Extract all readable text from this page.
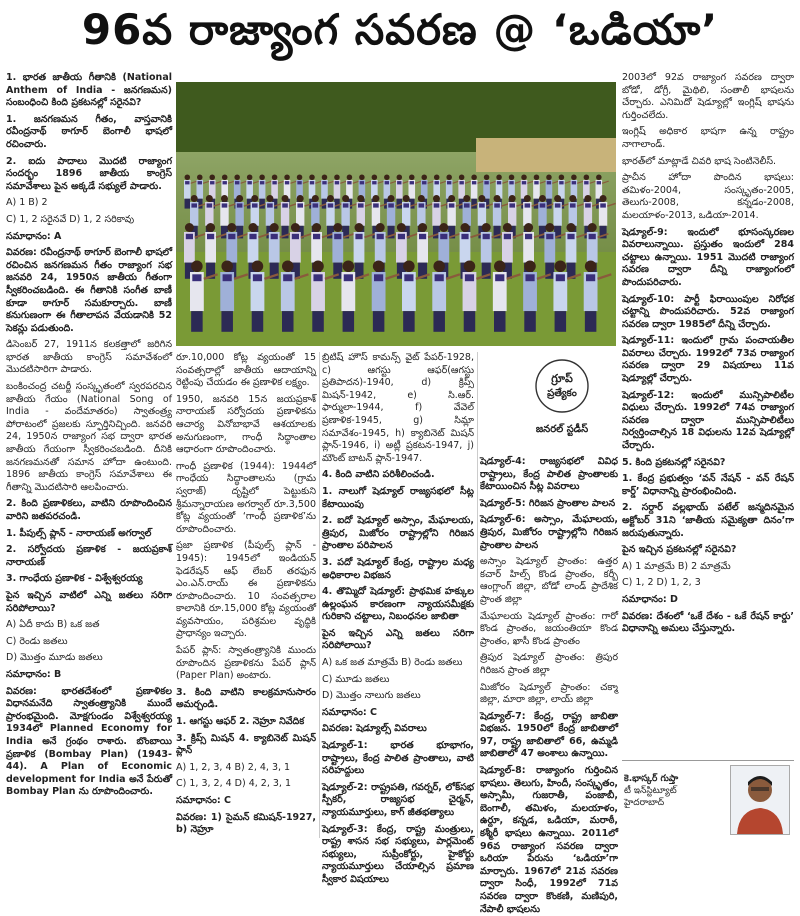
96వ రాజ్యాంగ సవరణ @ ‘ఒడియా’

1. భారత జాతీయ గీతానికి (National Anthem of India - జనగణమన) సంబంధించి కింది ప్రకటనల్లో సరైనవి?

1. జనగణమన గీతం, వాస్తవానికి రవీంద్రనాథ్ ఠాగూర్ బెంగాలీ భాషలో రచించారు.

2. ఐదు పాదాలు మొదటి రాజ్యాంగ సందర్భం 1896 జాతీయ కాంగ్రెస్ సమావేశాలు పైన అక్కడే సభ్యులే పాడారు.

A) 1 B) 2

C) 1, 2 సరైనవే D) 1, 2 సరికావు

సమాధానం: A

వివరణ: రవీంద్రనాథ్ ఠాగూర్ బెంగాలీ భాషలో రచించిన జనగణమన గీతం రాజ్యాంగ సభ జనవరి 24, 1950న జాతీయ గీతంగా స్వీకరించబడింది. ఈ గీతానికి సంగీత బాణీ కూడా ఠాగూర్ సమకూర్చారు. బాణీ కనుగుణంగా ఈ గీతాలాపన వేయడానికి 52 సెకన్లు పడుతుంది.

డిసెంబర్ 27, 1911న కలకత్తాలో జరిగిన భారత జాతీయ కాంగ్రెస్ సమావేశంలో మొదటిసారిగా పాడారు.

బంకించంద్ర చటర్జీ సంస్కృతంలో స్వరపరచిన జాతీయ గేయం (National Song of India - వందేమాతరం) స్వాతంత్ర్య పోరాటంలో ప్రజలకు స్ఫూర్తినిచ్చింది. జనవరి 24, 1950న రాజ్యాంగ సభ ద్వారా భారత జాతీయ గేయంగా స్వీకరించబడింది. దీనికి జనగణమనతో సమాన హోదా ఉంటుంది. 1896 జాతీయ కాంగ్రెస్ సమావేశాలు ఈ గీతాన్ని మొదటిసారి ఆలపించారు.

2. కింది ప్రణాళికలు, వాటిని రూపొందించిన వారిని జతపరచండి.

1. పీపుల్స్ ప్లాన్ - నారాయణ్ అగర్వాల్

2. సర్వోదయ ప్రణాళిక - జయప్రకాశ్ నారాయణ్

3. గాంధేయ ప్రణాళిక - విశ్వేశ్వరయ్య

పైన ఇచ్చిన వాటిలో ఎన్ని జతలు సరిగా సరిపోలాయి?

A) ఏదీ కాదు B) ఒక జత

C) రెండు జతలు

D) మొత్తం మూడు జతలు

సమాధానం: B

వివరణ: భారతదేశంలో ప్రణాళికల విధానమనేది స్వాతంత్ర్యానికి ముందే ప్రారంభమైంది. మోక్షగుండం విశ్వేశ్వరయ్య 1934లో Planned Economy for India అనే గ్రంథం రాశారు. బొంబాయి ప్రణాళిక (Bombay Plan) (1943-44). A Plan of Economic development for India అనే పేరుతో Bombay Plan ను రూపొందించారు.

రూ.10,000 కోట్ల వ్యయంతో 15 సంవత్సరాల్లో జాతీయ ఆదాయాన్ని రెట్టింపు చేయడం ఈ ప్రణాళిక లక్ష్యం.

1950, జనవరి 15న జయప్రకాశ్ నారాయణ్ సర్వోదయ ప్రణాళికను ఆచార్య వినోబాభావే ఆశయాలకు అనుగుణంగా, గాంధీ సిద్ధాంతాల ఆధారంగా రూపొందించారు.

గాంధీ ప్రణాళిక (1944): 1944లో గాంధేయ సిద్ధాంతాలను (గ్రామ స్వరాజ్) దృష్టిలో పెట్టుకుని శ్రీమన్నారాయణ అగర్వాల్ రూ.3,500 కోట్ల వ్యయంతో ‘గాంధీ ప్రణాళిక’ను రూపొందించారు.

ప్రజా ప్రణాళిక (పీపుల్స్ ప్లాన్ - 1945): 1945లో ఇండియన్ ఫెడరేషన్ ఆఫ్ లేబర్ తరఫున ఎం.ఎన్.రాయ్ ఈ ప్రణాళికను రూపొందించారు. 10 సంవత్సరాల కాలానికి రూ.15,000 కోట్ల వ్యయంతో వ్యవసాయం, పరిశ్రమల వృద్ధికి ప్రాధాన్యం ఇచ్చారు.

పేపర్ ప్లాన్: స్వాతంత్ర్యానికి ముందు రూపొందిన ప్రణాళికను పేపర్ ప్లాన్ (Paper Plan) అంటారు.

3. కింది వాటిని కాలక్రమానుసారం అమర్చండి.

1. ఆగస్టు ఆఫర్ 2. నెహ్రూ నివేదిక

3. క్రిప్స్ మిషన్ 4. క్యాబినెట్ మిషన్ ప్లాన్

A) 1, 2, 3, 4 B) 2, 4, 3, 1

C) 1, 3, 2, 4 D) 4, 2, 3, 1

సమాధానం: C

వివరణ: 1) సైమన్ కమిషన్-1927, b) నెహ్రూ

బ్రిటిష్ హౌస్ కామన్స్ వైట్ పేపర్-1928, c) ఆగస్టు ఆఫర్(ఆగస్టు ప్రతిపాదన)-1940, d) క్రిప్స్ మిషన్-1942, e) సి.ఆర్. ఫార్ములా-1944, f) వేవెల్ ప్రణాళిక-1945, g) సిమ్లా సమావేశం-1945, h) క్యాబినెట్ మిషన్ ప్లాన్-1946, i) అట్లీ ప్రకటన-1947, j) మౌంట్ బాటన్ ప్లాన్-1947.

4. కింది వాటిని పరిశీలించండి.

1. నాలుగో షెడ్యూల్ రాజ్యసభలో సీట్ల కేటాయింపు

2. ఐదో షెడ్యూల్ అస్సాం, మేఘాలయ, త్రిపుర, మిజోరం రాష్ట్రాల్లోని గిరిజన ప్రాంతాల పరిపాలన

3. పదో షెడ్యూల్ కేంద్ర, రాష్ట్రాల మధ్య అధికారాల విభజన

4. తొమ్మిదో షెడ్యూల్: ప్రాథమిక హక్కుల ఉల్లంఘన కారణంగా న్యాయసమీక్షకు గురికాని చట్టాలు, నిబంధనల జాబితా

పైన ఇచ్చిన ఎన్ని జతలు సరిగా సరిపోలాయి?

A) ఒక జత మాత్రమే B) రెండు జతలు

C) మూడు జతలు

D) మొత్తం నాలుగు జతలు

సమాధానం: C

వివరణ: షెడ్యూల్స్ వివరాలు

షెడ్యూల్-1: భారత భూభాగం, రాష్ట్రాలు, కేంద్ర పాలిత ప్రాంతాలు, వాటి సరిహద్దులు

షెడ్యూల్-2: రాష్ట్రపతి, గవర్నర్, లోక్‌సభ స్పీకర్, రాజ్యసభ చైర్మన్, న్యాయమూర్తులు, కాగ్ జీతభత్యాలు

షెడ్యూల్-3: కేంద్ర, రాష్ట్ర మంత్రులు, రాష్ట్ర శాసన సభ సభ్యులు, పార్లమెంట్ సభ్యులు, సుప్రీంకోర్టు, హైకోర్టు న్యాయమూర్తులు చేయాల్సిన ప్రమాణ స్వీకార విషయాలు

షెడ్యూల్-4: రాజ్యసభలో వివిధ రాష్ట్రాలు, కేంద్ర పాలిత ప్రాంతాలకు కేటాయించిన సీట్ల వివరాలు

షెడ్యూల్-5: గిరిజన ప్రాంతాల పాలన

షెడ్యూల్-6: అస్సాం, మేఘాలయ, త్రిపుర, మిజోరం రాష్ట్రాల్లోని గిరిజన ప్రాంతాల పాలన

అస్సాం షెడ్యూల్ ప్రాంతం: ఉత్తర కచార్ హిల్స్ కొండ ప్రాంతం, కర్బీ ఆంగ్లాంగ్ జిల్లా, బోడో లాండ్ ప్రాదేశిక ప్రాంత జిల్లా

మేఘాలయ షెడ్యూల్ ప్రాంతం: గారో కొండ ప్రాంతం, జయంతియా కొండ ప్రాంతం, ఖాసీ కొండ ప్రాంతం

త్రిపుర షెడ్యూల్ ప్రాంతం: త్రిపుర గిరిజన ప్రాంత జిల్లా

మిజోరం షెడ్యూల్ ప్రాంతం: చక్మా జిల్లా, మారా జిల్లా, లాయ్ జిల్లా

షెడ్యూల్-7: కేంద్ర, రాష్ట్ర జాబితా విభజన. 1950లో కేంద్ర జాబితాలో 97, రాష్ట్ర జాబితాలో 66, ఉమ్మడి జాబితాలో 47 అంశాలు ఉన్నాయి.

షెడ్యూల్-8: రాజ్యాంగం గుర్తించిన భాషలు. తెలుగు, హిందీ, సంస్కృతం, అస్సామీ, గుజరాతీ, పంజాబీ, బెంగాలీ, తమిళం, మలయాళం, ఉర్దూ, కన్నడ, ఒడియా, మరాఠీ, కశ్మీరీ భాషలు ఉన్నాయి. 2011లో 96వ రాజ్యాంగ సవరణ ద్వారా ఒరియా పేరును ‘ఒడియా’గా మార్చారు. 1967లో 21వ సవరణ ద్వారా సింధీ, 1992లో 71వ సవరణ ద్వారా కొంకణి, మణిపురి, నేపాలీ భాషలను

గ్రూప్
ప్రత్యేకం
జనరల్ స్టడీస్

2003లో 92వ రాజ్యాంగ సవరణ ద్వారా బోడో, డోగ్రీ, మైథిలి, సంతాలీ భాషలను చేర్చారు. ఎనిమిదో షెడ్యూల్లో ఇంగ్లిష్ భాషను గుర్తించలేదు.

ఇంగ్లిష్ అధికార భాషగా ఉన్న రాష్ట్రం నాగాలాండ్.

భారత్‌లో మాట్లాడే చివరి భాష సెంటినెలీస్.

ప్రాచీన హోదా పొందిన భాషలు: తమిళం-2004, సంస్కృతం-2005, తెలుగు-2008, కన్నడం-2008, మలయాళం-2013, ఒడియా-2014.

షెడ్యూల్-9: ఇందులో భూసంస్కరణల వివరాలున్నాయి. ప్రస్తుతం ఇందులో 284 చట్టాలు ఉన్నాయి. 1951 మొదటి రాజ్యాంగ సవరణ ద్వారా దీన్ని రాజ్యాంగంలో పొందుపరిచారు.

షెడ్యూల్-10: పార్టీ ఫిరాయింపుల నిరోధక చట్టాన్ని పొందుపరిచారు. 52వ రాజ్యాంగ సవరణ ద్వారా 1985లో దీన్ని చేర్చారు.

షెడ్యూల్-11: ఇందులో గ్రామ పంచాయతీల వివరాలు చేర్చారు. 1992లో 73వ రాజ్యాంగ సవరణ ద్వారా 29 విషయాలు 11వ షెడ్యూల్లో చేర్చారు.

షెడ్యూల్-12: ఇందులో మున్సిపాలిటీల విధులు చేర్చారు. 1992లో 74వ రాజ్యాంగ సవరణ ద్వారా మున్సిపాలిటీలు నిర్వర్తించాల్సిన 18 విధులను 12వ షెడ్యూల్లో చేర్చారు.

5. కింది ప్రకటనల్లో సరైనవి?

1. కేంద్ర ప్రభుత్వం ‘వన్ నేషన్ - వన్ రేషన్ కార్డ్’ విధానాన్ని ప్రారంభించింది.

2. సర్దార్ వల్లభాయ్ పటేల్ జన్మదినమైన అక్టోబర్ 31ని ‘జాతీయ సమైక్యతా దినం’గా జరుపుతున్నారు.

పైన ఇచ్చిన ప్రకటనల్లో సరైనవి?

A) 1 మాత్రమే B) 2 మాత్రమే

C) 1, 2 D) 1, 2, 3

సమాధానం: D

వివరణ: దేశంలో ‘ఒకే దేశం - ఒకే రేషన్ కార్డు’ విధానాన్ని అమలు చేస్తున్నారు.

కె.భాస్కర్ గుప్తా
టీ ఇన్‌స్టిట్యూట్
హైదరాబాద్
